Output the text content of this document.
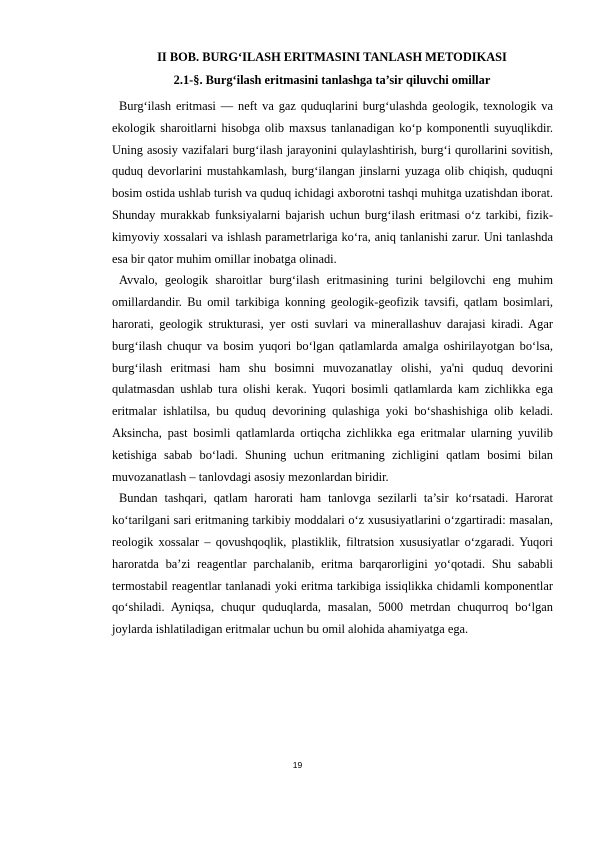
II BOB. BURG‘ILASH ERITMASINI TANLASH METODIKASI

2.1-§. Burg‘ilash eritmasini tanlashga ta’sir qiluvchi omillar

Burg‘ilash eritmasi — neft va gaz quduqlarini burg‘ulashda geologik, texnologik va ekologik sharoitlarni hisobga olib maxsus tanlanadigan ko‘p komponentli suyuqlikdir. Uning asosiy vazifalari burg‘ilash jarayonini qulaylashtirish, burg‘i qurollarini sovitish, quduq devorlarini mustahkamlash, burg‘ilangan jinslarni yuzaga olib chiqish, quduqni bosim ostida ushlab turish va quduq ichidagi axborotni tashqi muhitga uzatishdan iborat. Shunday murakkab funksiyalarni bajarish uchun burg‘ilash eritmasi o‘z tarkibi, fizik-kimyoviy xossalari va ishlash parametrlariga ko‘ra, aniq tanlanishi zarur. Uni tanlashda esa bir qator muhim omillar inobatga olinadi.

Avvalo, geologik sharoitlar burg‘ilash eritmasining turini belgilovchi eng muhim omillardandir. Bu omil tarkibiga konning geologik-geofizik tavsifi, qatlam bosimlari, harorati, geologik strukturasi, yer osti suvlari va minerallashuv darajasi kiradi. Agar burg‘ilash chuqur va bosim yuqori bo‘lgan qatlamlarda amalga oshirilayotgan bo‘lsa, burg‘ilash eritmasi ham shu bosimni muvozanatlay olishi, ya'ni quduq devorini qulatmasdan ushlab tura olishi kerak. Yuqori bosimli qatlamlarda kam zichlikka ega eritmalar ishlatilsa, bu quduq devorining qulashiga yoki bo‘shashishiga olib keladi. Aksincha, past bosimli qatlamlarda ortiqcha zichlikka ega eritmalar ularning yuvilib ketishiga sabab bo‘ladi. Shuning uchun eritmaning zichligini qatlam bosimi bilan muvozanatlash – tanlovdagi asosiy mezonlardan biridir.

Bundan tashqari, qatlam harorati ham tanlovga sezilarli ta’sir ko‘rsatadi. Harorat ko‘tarilgani sari eritmaning tarkibiy moddalari o‘z xususiyatlarini o‘zgartiradi: masalan, reologik xossalar – qovushqoqlik, plastiklik, filtratsion xususiyatlar o‘zgaradi. Yuqori haroratda ba’zi reagentlar parchalanib, eritma barqarorligini yo‘qotadi. Shu sababli termostabil reagentlar tanlanadi yoki eritma tarkibiga issiqlikka chidamli komponentlar qo‘shiladi. Ayniqsa, chuqur quduqlarda, masalan, 5000 metrdan chuqurroq bo‘lgan joylarda ishlatiladigan eritmalar uchun bu omil alohida ahamiyatga ega.

19
